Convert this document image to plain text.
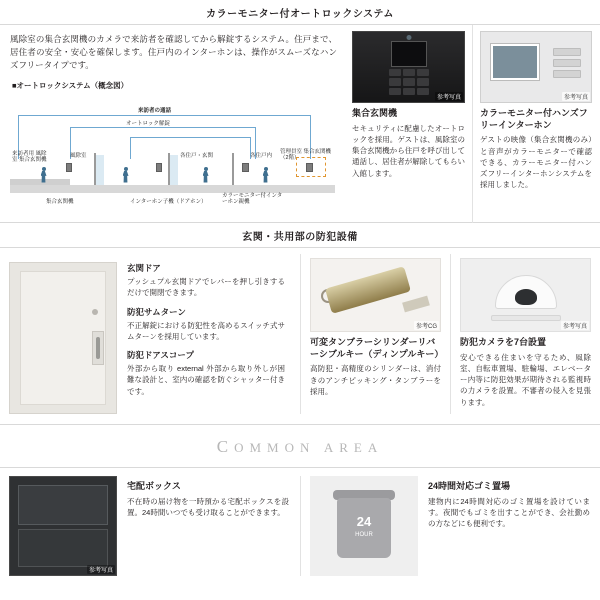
カラーモニター付オートロックシステム

風除室の集合玄関機のカメラで来訪者を確認してから解錠するシステム。住戸まで、居住者の安全・安心を確保します。住戸内のインターホンは、操作がスムーズなハンズフリータイプです。

■オートロックシステム（概念図）
来訪者の通話
オートロック解錠
風除室	各住戸・玄関	各住戸内
来訪者用 風除室 集合玄関機
管理員室 集合玄関機（2階）
集合玄関機	インターホン子機（ドアホン）
カラーモニター付インターホン親機
参考写真
集合玄関機

セキュリティに配慮したオートロックを採用。ゲストは、風除室の集合玄関機から住戸を呼び出して通話し、居住者が解除してもらい入館します。

参考写真
カラーモニター付ハンズフリーインターホン

ゲストの映像（集合玄関機のみ）と音声がカラーモニターで確認できる、カラーモニター付ハンズフリーインターホンシステムを採用しました。

玄関・共用部の防犯設備
玄関ドア

プッシュプル玄関ドアでレバーを押し引きするだけで開閉できます。

防犯サムターン

不正解錠における防犯性を高めるスイッチ式サムターンを採用しています。

防犯ドアスコープ

外部から取り external 外部から取り外しが困難な設計と、室内の確認を防ぐシャッター付きです。

参考CG
可変タンブラーシリンダーリバーシブルキー（ディンプルキー）

高防犯・高精度のシリンダーは、消付きのアンチピッキング・タンブラーを採用。

参考写真
防犯カメラを7台設置

安心できる住まいを守るため、風除室、自転車置場、駐輪場、エレベーター内等に防犯効果が期待される監視時の力メラを設置。不審者の侵入を見張ります。

COMMON AREA
参考写真
宅配ボックス

不在時の届け物を一時預かる宅配ボックスを設置。24時間いつでも受け取ることができます。

24
HOUR
24時間対応ゴミ置場

建物内に24時間対応のゴミ置場を設けています。夜間でもゴミを出すことができ、会社勤めの方などにも便利です。
